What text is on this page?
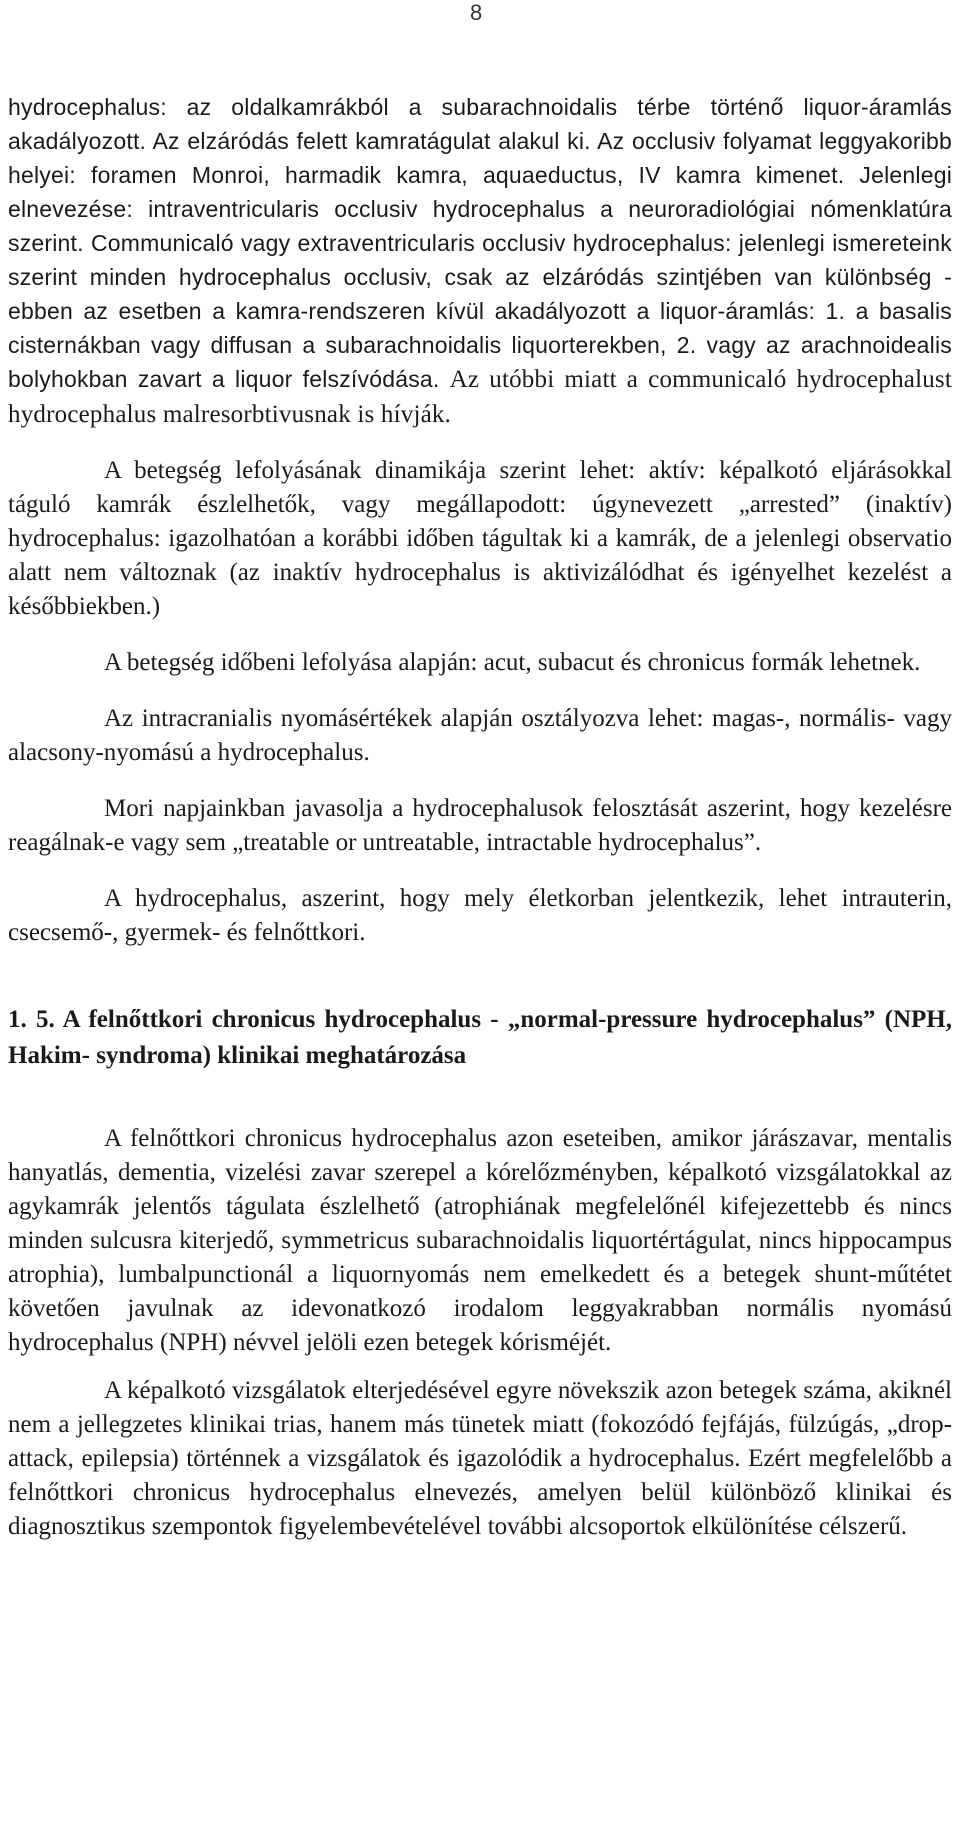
8

hydrocephalus: az oldalkamrákból a subarachnoidalis térbe történő liquor-áramlás akadályozott. Az elzáródás felett kamratágulat alakul ki. Az occlusiv folyamat leggyakoribb helyei: foramen Monroi, harmadik kamra, aquaeductus, IV kamra kimenet. Jelenlegi elnevezése: intraventricularis occlusiv hydrocephalus a neuroradiológiai nómenklatúra szerint. Communicaló vagy extraventricularis occlusiv hydrocephalus: jelenlegi ismereteink szerint minden hydrocephalus occlusiv, csak az elzáródás szintjében van különbség - ebben az esetben a kamra-rendszeren kívül akadályozott a liquor-áramlás: 1. a basalis cisternákban vagy diffusan a subarachnoidalis liquorterekben, 2. vagy az arachnoidealis bolyhokban zavart a liquor felszívódása. Az utóbbi miatt a communicaló hydrocephalust hydrocephalus malresorbtivusnak is hívják.

A betegség lefolyásának dinamikája szerint lehet: aktív: képalkotó eljárásokkal táguló kamrák észlelhetők, vagy megállapodott: úgynevezett „arrested” (inaktív) hydrocephalus: igazolhatóan a korábbi időben tágultak ki a kamrák, de a jelenlegi observatio alatt nem változnak (az inaktív hydrocephalus is aktivizálódhat és igényelhet kezelést a későbbiekben.)

A betegség időbeni lefolyása alapján: acut, subacut és chronicus formák lehetnek.

Az intracranialis nyomásértékek alapján osztályozva lehet: magas-, normális- vagy alacsony-nyomású a hydrocephalus.

Mori napjainkban javasolja a hydrocephalusok felosztását aszerint, hogy kezelésre reagálnak-e vagy sem „treatable or untreatable, intractable hydrocephalus”.

A hydrocephalus, aszerint, hogy mely életkorban jelentkezik, lehet intrauterin, csecsemő-, gyermek- és felnőttkori.

1. 5. A felnőttkori chronicus hydrocephalus - „normal-pressure hydrocephalus” (NPH, Hakim- syndroma) klinikai meghatározása

A felnőttkori chronicus hydrocephalus azon eseteiben, amikor járászavar, mentalis hanyatlás, dementia, vizelési zavar szerepel a kórelőzményben, képalkotó vizsgálatokkal az agykamrák jelentős tágulata észlelhető (atrophiának megfelelőnél kifejezettebb és nincs minden sulcusra kiterjedő, symmetricus subarachnoidalis liquortértágulat, nincs hippocampus atrophia), lumbalpunctionál a liquornyomás nem emelkedett és a betegek shunt-műtétet követően javulnak az idevonatkozó irodalom leggyakrabban normális nyomású hydrocephalus (NPH) névvel jelöli ezen betegek kórisméjét.

A képalkotó vizsgálatok elterjedésével egyre növekszik azon betegek száma, akiknél nem a jellegzetes klinikai trias, hanem más tünetek miatt (fokozódó fejfájás, fülzúgás, „drop-attack, epilepsia) történnek a vizsgálatok és igazolódik a hydrocephalus. Ezért megfelelőbb a felnőttkori chronicus hydrocephalus elnevezés, amelyen belül különböző klinikai és diagnosztikus szempontok figyelembevételével további alcsoportok elkülönítése célszerű.
